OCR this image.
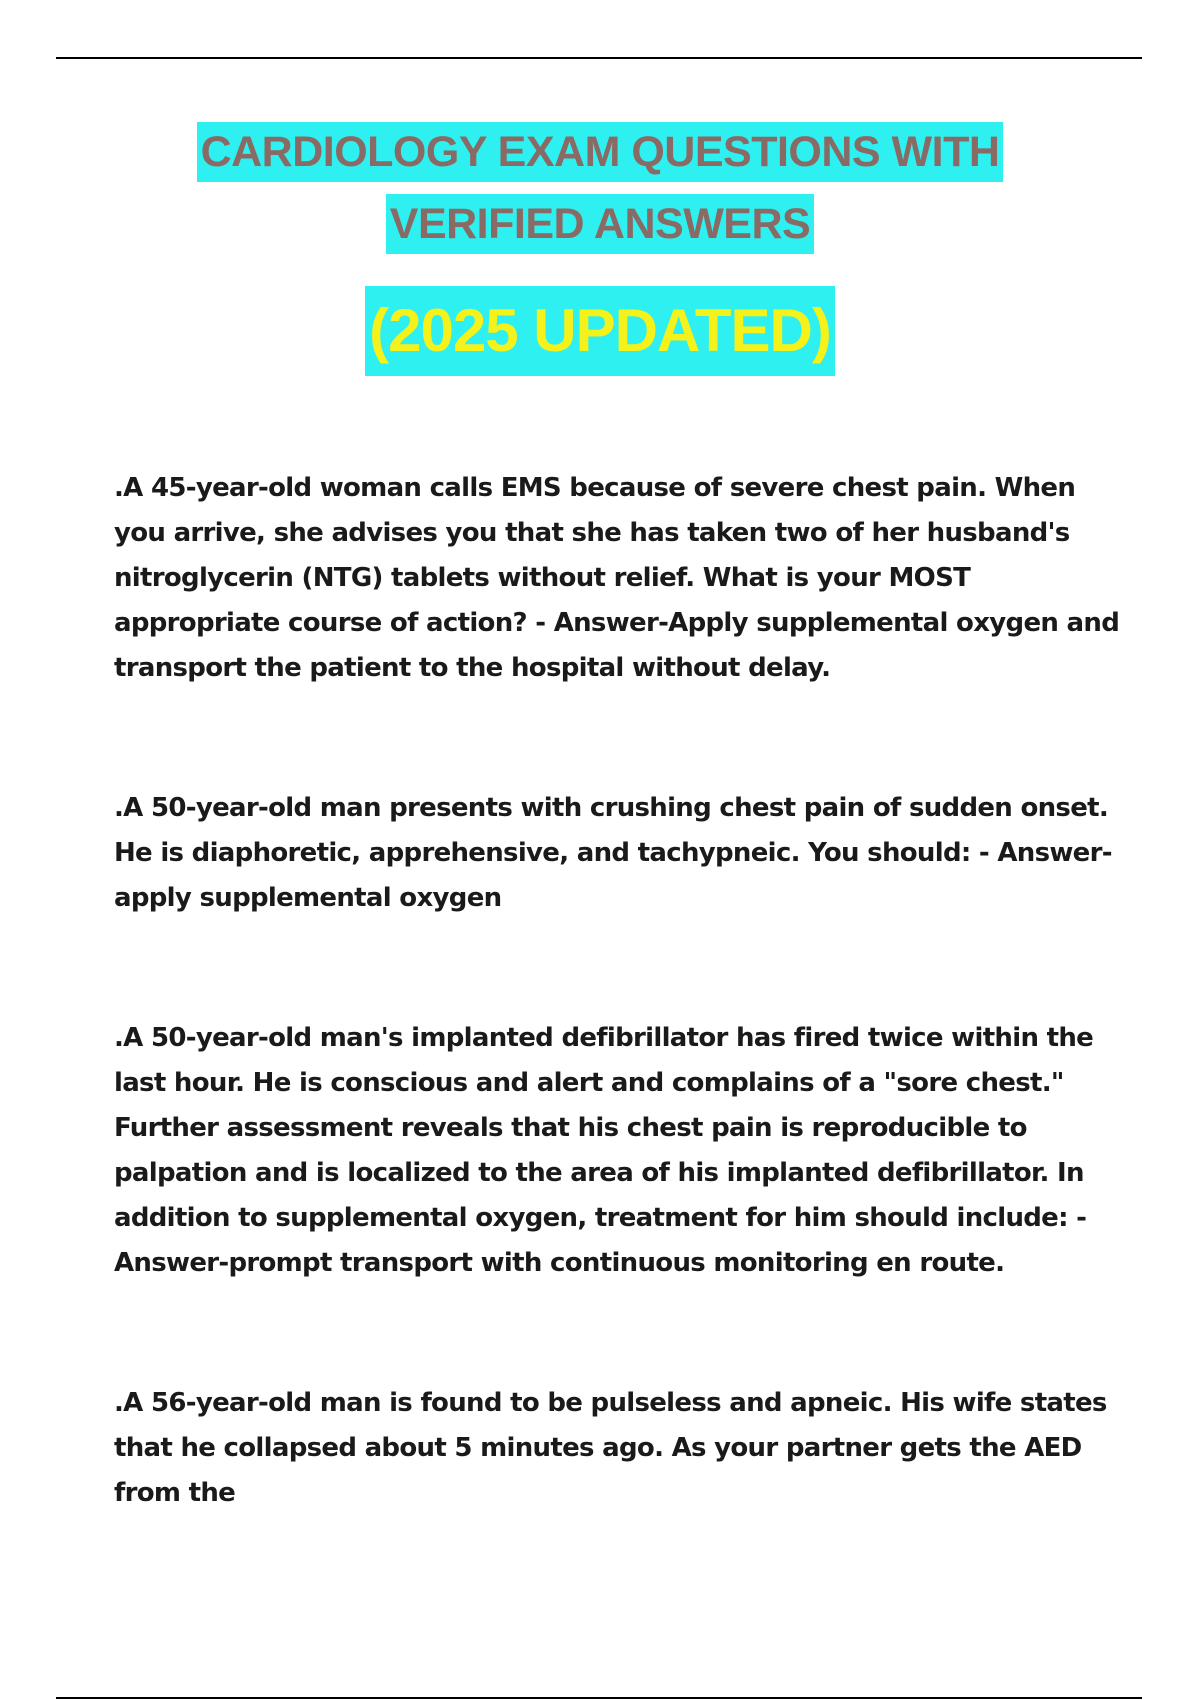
CARDIOLOGY EXAM QUESTIONS WITH
VERIFIED ANSWERS
(2025 UPDATED)

.A 45-year-old woman calls EMS because of severe chest pain. When you arrive, she advises you that she has taken two of her husband's nitroglycerin (NTG) tablets without relief. What is your MOST appropriate course of action? - Answer-Apply supplemental oxygen and transport the patient to the hospital without delay.

.A 50-year-old man presents with crushing chest pain of sudden onset. He is diaphoretic, apprehensive, and tachypneic. You should: - Answer-apply supplemental oxygen

.A 50-year-old man's implanted defibrillator has fired twice within the last hour. He is conscious and alert and complains of a "sore chest." Further assessment reveals that his chest pain is reproducible to palpation and is localized to the area of his implanted defibrillator. In addition to supplemental oxygen, treatment for him should include: - Answer-prompt transport with continuous monitoring en route.

.A 56-year-old man is found to be pulseless and apneic. His wife states that he collapsed about 5 minutes ago. As your partner gets the AED from the
